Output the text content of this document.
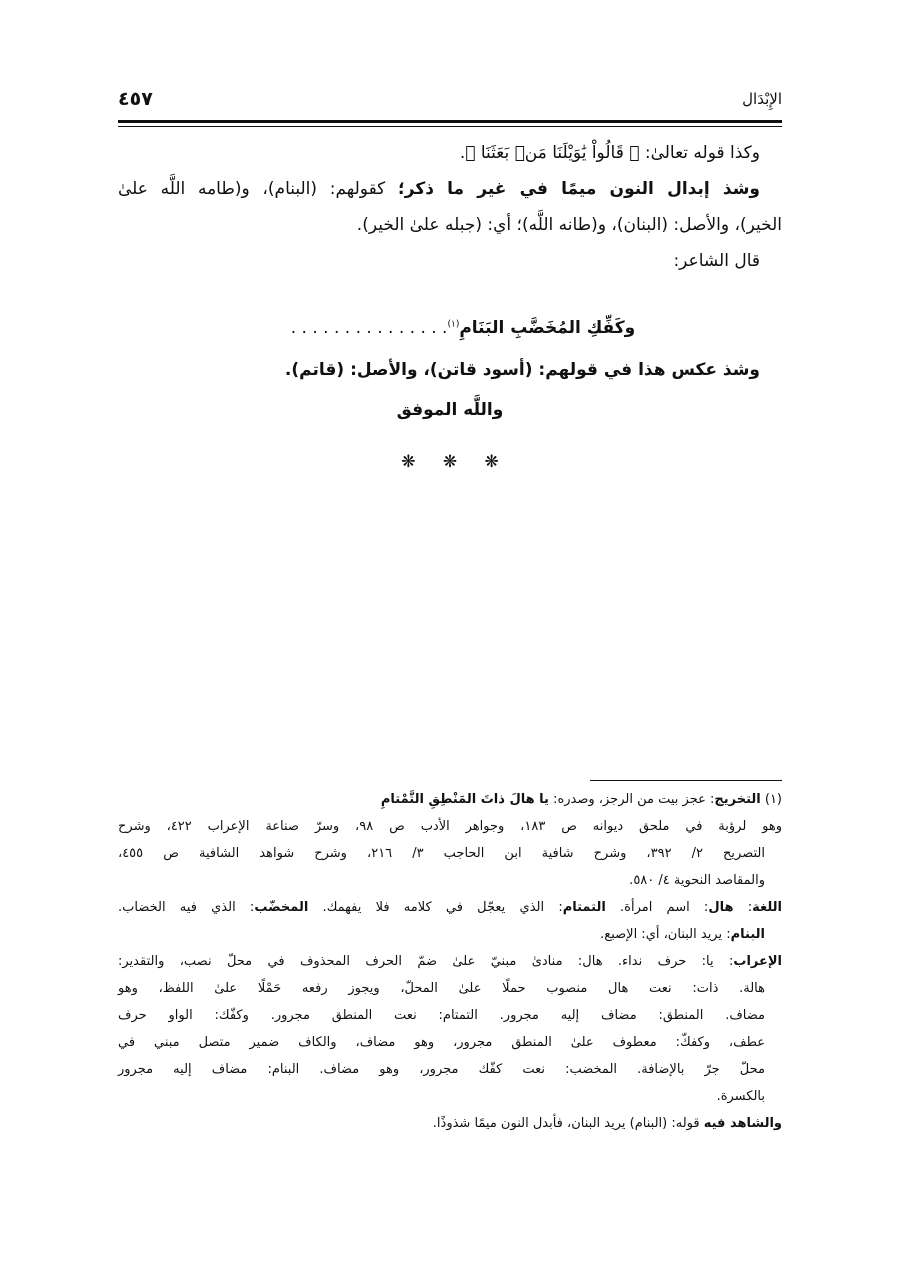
٤٥٧	الإِبْدَال
وكذا قوله تعالىٰ: ﴿ قَالُواْ يَٰوَيْلَنَا مَنۢ بَعَثَنَا ﴾.
وشذ إبدال النون ميمًا في غير ما ذكر؛ كقولهم: (البنام)، و(طامه اللَّه علىٰ
الخير)، والأصل: (البنان)، و(طانه اللَّه)؛ أي: (جبله علىٰ الخير).
قال الشاعر:
وكَفِّكِ المُخَضَّبِ البَنَامِ$^{(١)}$. . . . . . . . . . . . . . .
وشذ عكس هذا في قولهم: (أسود قاتن)، والأصل: (قاتم).
واللَّه الموفق
❋ ❋ ❋
(١) التخريج: عجز بيت من الرجز، وصدره: يا هالَ ذاتَ المَنْطِقِ التَّمْتامِ
وهو لرؤبة في ملحق ديوانه ص ١٨٣، وجواهر الأدب ص ٩٨، وسرّ صناعة الإعراب ٤٢٢، وشرح
التصريح ٢/ ٣٩٢، وشرح شافية ابن الحاجب ٣/ ٢١٦، وشرح شواهد الشافية ص ٤٥٥،
والمقاصد النحوية ٤/ ٥٨٠.
اللغة: هال: اسم امرأة. التمتام: الذي يعجّل في كلامه فلا يفهمك. المخضّب: الذي فيه الخضاب.
البنام: يريد البنان، أي: الإصبع.
الإعراب: يا: حرف نداء. هال: منادىٰ مبنيّ علىٰ ضمّ الحرف المحذوف في محلّ نصب، والتقدير:
هالة. ذات: نعت هال منصوب حملًا علىٰ المحلّ، ويجوز رفعه حَمْلًا علىٰ اللفظ، وهو
مضاف. المنطق: مضاف إليه مجرور. التمتام: نعت المنطق مجرور. وكفّك: الواو حرف
عطف، وكفكّ: معطوف علىٰ المنطق مجرور، وهو مضاف، والكاف ضمير متصل مبني في
محلّ جرّ بالإضافة. المخضب: نعت كفّك مجرور، وهو مضاف. البنام: مضاف إليه مجرور
بالكسرة.
والشاهد فيه قوله: (البنام) يريد البنان، فأبدل النون ميمًا شذوذًا.
